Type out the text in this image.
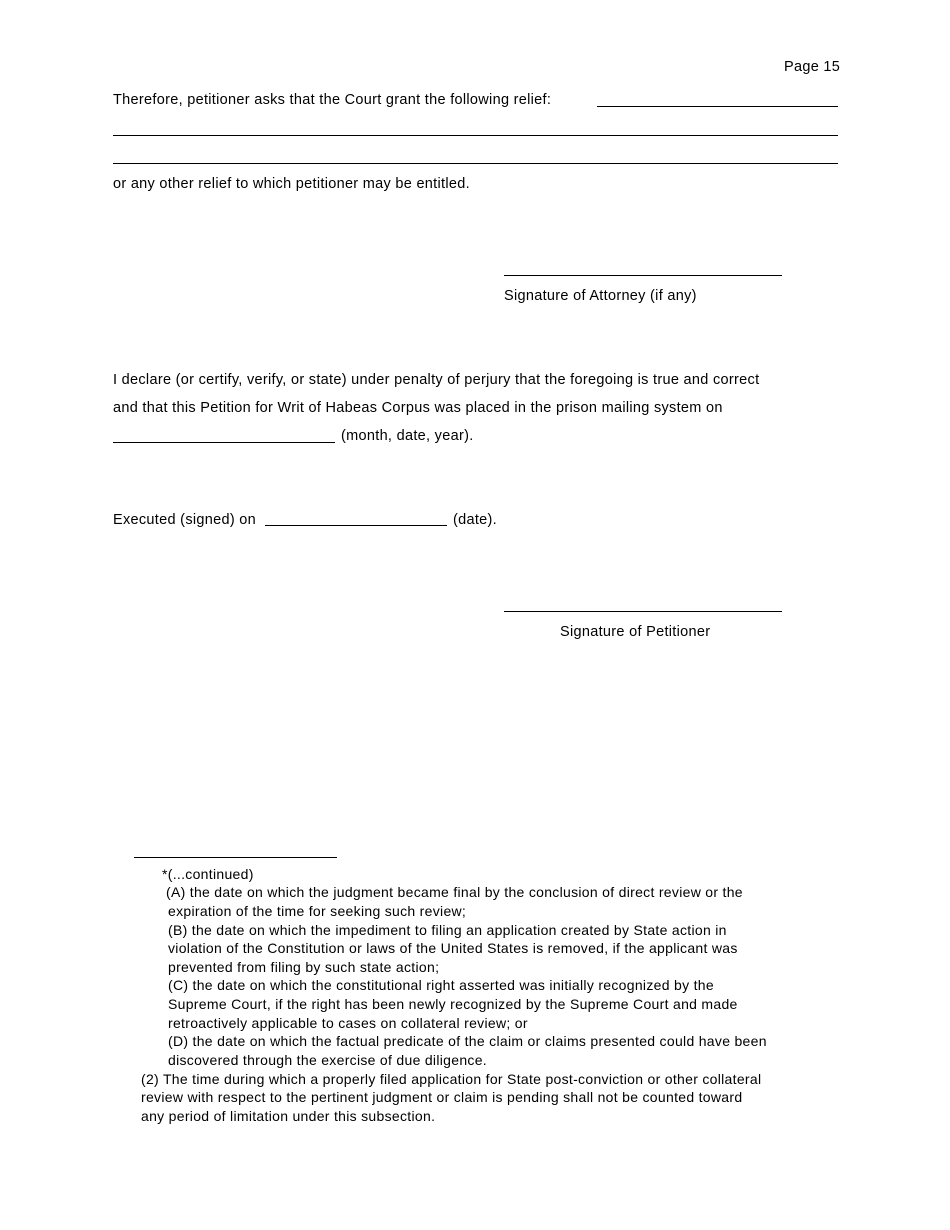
Page 15
Therefore, petitioner asks that the Court grant the following relief:
or any other relief to which petitioner may be entitled.
Signature of Attorney (if any)
I declare (or certify, verify, or state) under penalty of perjury that the foregoing is true and correct
and that this Petition for Writ of Habeas Corpus was placed in the prison mailing system on
(month, date, year).
Executed (signed) on	(date).
Signature of Petitioner
*(...continued)
(A) the date on which the judgment became final by the conclusion of direct review or the
expiration of the time for seeking such review;
(B) the date on which the impediment to filing an application created by State action in
violation of the Constitution or laws of the United States is removed, if the applicant was
prevented from filing by such state action;
(C) the date on which the constitutional right asserted was initially recognized by the
Supreme Court, if the right has been newly recognized by the Supreme Court and made
retroactively applicable to cases on collateral review; or
(D) the date on which the factual predicate of the claim or claims presented could have been
discovered through the exercise of due diligence.
(2) The time during which a properly filed application for State post-conviction or other collateral
review with respect to the pertinent judgment or claim is pending shall not be counted toward
any period of limitation under this subsection.
